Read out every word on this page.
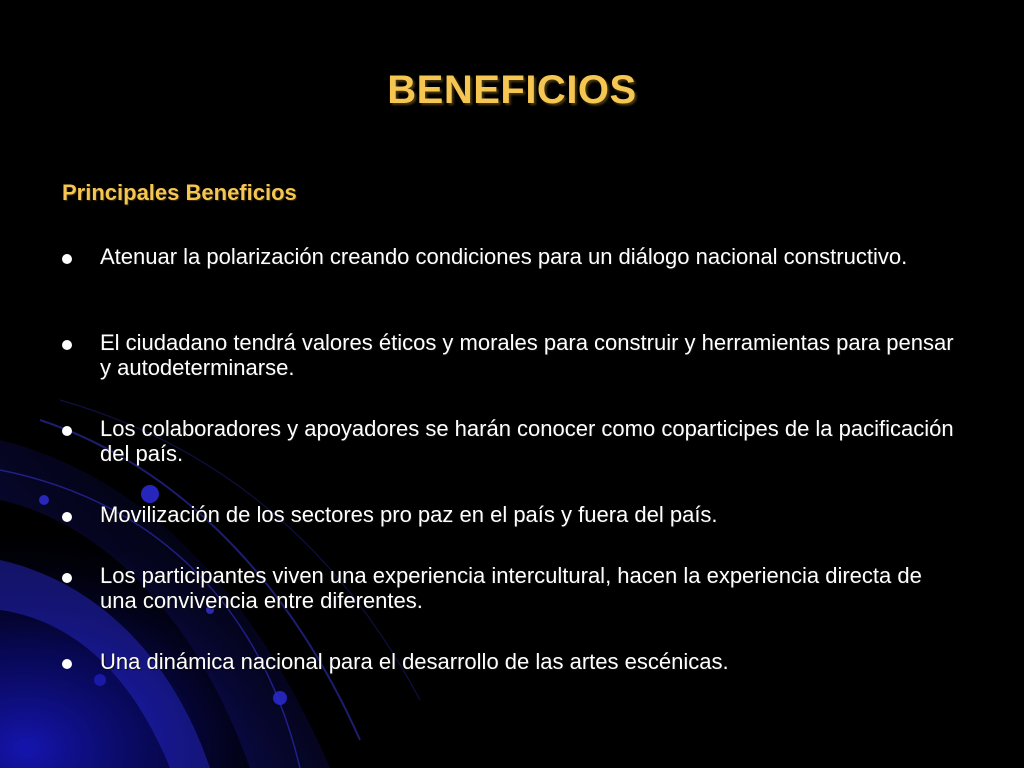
BENEFICIOS
Principales Beneficios
Atenuar la polarización creando condiciones para un diálogo nacional constructivo.
El ciudadano tendrá valores éticos y morales para construir y herramientas para pensar y autodeterminarse.
Los colaboradores y apoyadores se harán conocer como coparticipes de la pacificación del país.
Movilización de los sectores pro paz en el país y fuera del país.
Los participantes viven una experiencia intercultural, hacen la experiencia directa de una convivencia entre diferentes.
Una dinámica nacional para el desarrollo de las artes escénicas.
